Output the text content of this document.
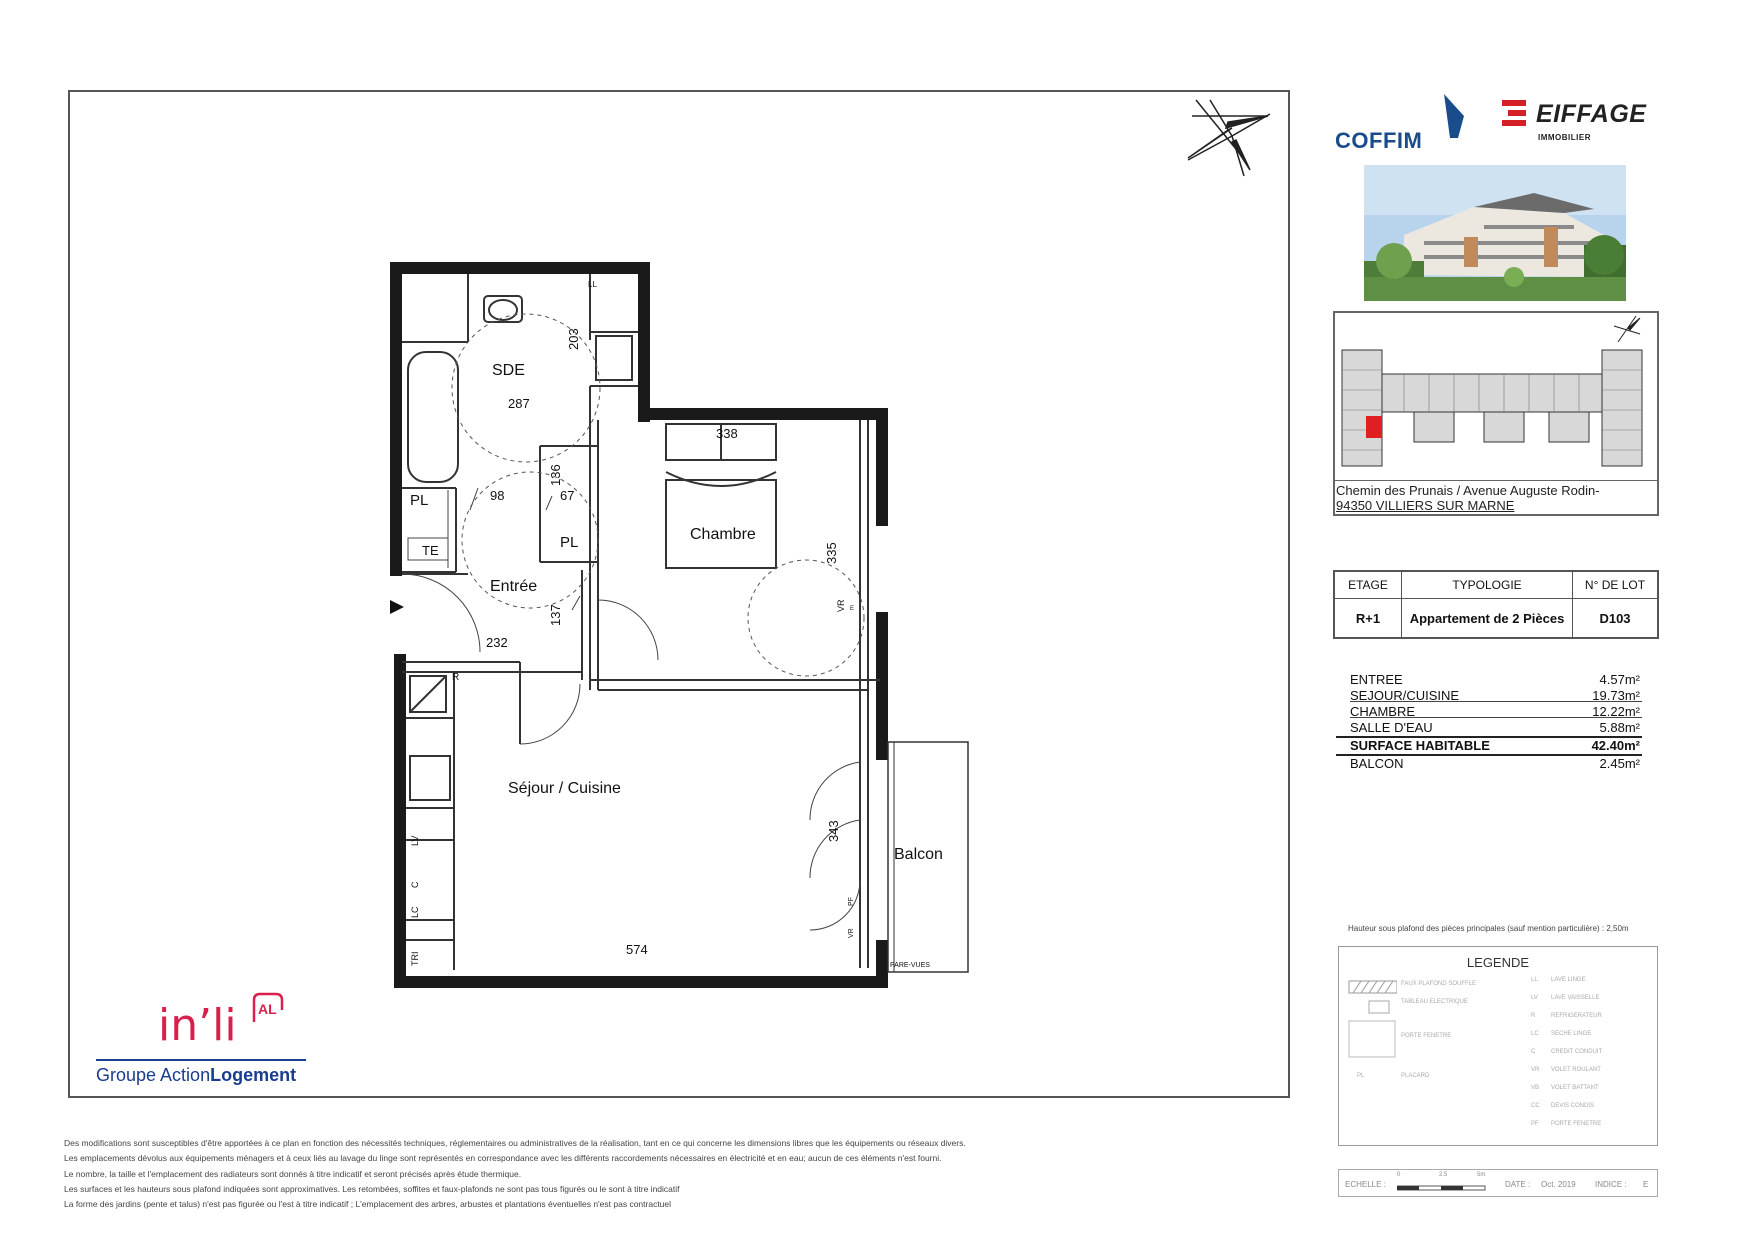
SDE
Chambre
Entrée
Séjour / Cuisine
Balcon
PL
PL
TE
287
203
98
136
67
338
335
232
137
574
343
LL
VR E
VR
PF
R
LV
C
LC
TRI	PARE-VUES
COFFIM
EIFFAGE
IMMOBILIER
Chemin des Prunais / Avenue Auguste Rodin-
94350 VILLIERS SUR MARNE
ETAGE	TYPOLOGIE	N° DE LOT
R+1	Appartement de 2 Pièces	D103
ENTREE	4.57m²
SEJOUR/CUISINE	19.73m²
CHAMBRE	12.22m²
SALLE D'EAU	5.88m²
SURFACE HABITABLE	42.40m²
BALCON	2.45m²
Hauteur sous plafond des pièces principales (sauf mention particulière) : 2,50m
LEGENDE
FAUX PLAFOND SOUFFLE
TABLEAU ELECTRIQUE
PORTE FENETRE
PL	PLACARD
LL LAVE LINGE
LV LAVE VAISSELLE
R	REFRIGERATEUR
LC SECHE LINGE
C	CREDIT CONDUIT
VR VOLET ROULANT
VB VOLET BATTANT
CC DEVIS CONDIS
PF PORTE FENETRE
ECHELLE :
0	2.5	5m
DATE : Oct. 2019 INDICE : E
in’li AL
Groupe ActionLogement
Des modifications sont susceptibles d'être apportées à ce plan en fonction des nécessités techniques, réglementaires ou administratives de la réalisation, tant en ce qui concerne les dimensions libres que les équipements ou réseaux divers.
Les emplacements dévolus aux équipements ménagers et à ceux liés au lavage du linge sont représentés en correspondance avec les différents raccordements nécessaires en électricité et en eau; aucun de ces éléments n'est fourni.
Le nombre, la taille et l'emplacement des radiateurs sont donnés à titre indicatif et seront précisés après étude thermique.
Les surfaces et les hauteurs sous plafond indiquées sont approximatives. Les retombées, soffites et faux-plafonds ne sont pas tous figurés ou le sont à titre indicatif
La forme des jardins (pente et talus) n'est pas figurée ou l'est à titre indicatif ; L'emplacement des arbres, arbustes et plantations éventuelles n'est pas contractuel
